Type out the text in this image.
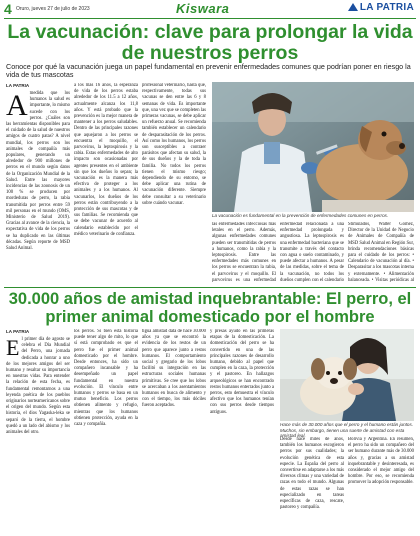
4 Oruro, jueves 27 de julio de 2023	Kiswara	LA PATRIA
La vacunación: clave para prolongar la vida de nuestros perros

Conoce por qué la vacunación juega un papel fundamental en prevenir enfermedades comunes que podrían poner en riesgo la vida de tus mascotas

LA PATRIA
A medida que los humanos la salud es importante, lo mismo sucede con los perros. ¿Cuáles son las herramientas disponibles para el cuidado de la salud de nuestros amigos de cuatro patas? A nivel mundial, los perros son los animales de compañía más populares, generando un alrededor de 900 millones de perros en el mundo según datos de la Organización Mundial de la Salud. Entre las mayores incidencias de las zoonosis de un 100 % se producen por mordeduras de perro, la rabia transmitida por perros entre 59 mil personas en el mundo (OMS, Ministerio de Salud 2019). Gracias al avance de la ciencia, la expectativa de vida de los perros se ha duplicado en las últimas décadas. Según reporte de MSD Salud Animal.
a los más 16 años, la esperanza de vida de los perros estaba alrededor de los 11.5 a 12 años, actualmente alcanza los 11,8 años. Y está probado que la prevención es la mejor manera de mantener a los perros saludables. Dentro de las principales razones que aquejaron a los perros se encuentra el moquillo, el parvovirus, la leptospirosis y la rabia. Estas enfermedades de alto impacto son ocasionadas por agentes presentes en el ambiente sin que los dueños lo sepan; la vacunación es la manera más efectiva de proteger a los animales y a los humanos. Al vacunarlos, los dueños de los perros están contribuyendo a la protección de sus mascotas y de sus familias. Se recomienda que se debe vacunar de acuerdo al calendario establecido por el médico veterinario de confianza.
profesional veterinario, hasta que, respectivamente, todas sus vacunas se den entre las 6 y 8 semanas de vida. Es importante que, una vez que se completen las primeras vacunas, se debe aplicar un refuerzo anual. Se recomienda también establecer un calendario de desparasitación de los perros. Así como los humanos, los perros son susceptibles a contraer parásitos que afectan su salud, la de sus dueños y la de toda la familia. No todos los perros tienen el mismo riesgo; dependiendo de su entorno, se debe aplicar una rutina de vacunación diferente. Siempre debe consultar a su veterinario sobre cuándo vacunar.

La vacunación es fundamental en la prevención de enfermedades comunes en perros.

las enfermedades infecciosas más letales en el perro. Además, algunas enfermedades comunes pueden ser transmitidas de perros a humanos, como la rabia y la leptospirosis. Entre las enfermedades más comunes en los perros se encuentran la rabia, el parvovirus y el moquillo. El parvovirus es una enfermedad
enfermedad relacionada a una enfermedad prolongada y angustiosa. La leptospirosis es una enfermedad bacteriana que se transmite a través del contacto con agua o suelo contaminado, y puede afectar a humanos. A pesar de las medidas, sobre el tema de la vacunación, no todos los dueños cumplen con el calendario
Stimulados, Walter Gomez, Director de la Unidad de Negocio de Animales de Compañía de MSD Salud Animal en Región Sur, brinda recomendaciones básicas para el cuidado de los perros: • Calendario de vacunación al día. • Desparasitar a los mascotas interna y externamente. • Alimentación balanceada. • Visitas periódicas al
30.000 años de amistad inquebrantable: El perro, el primer animal domesticado por el hombre
LA PATRIA
E l primer día de agosto se celebra el Día Mundial del Perro, una jornada dedicada a honrar a uno de los mejores amigos del ser humano y resaltar su importancia en nuestras vidas. Para entender la relación de esta fecha, es fundamental remontarnos a una leyenda poética de los pueblos originarios norteamericanos sobre el origen del mundo. Según esta historia, el dios Yagaska-leka se separó de la tierra, el hombre quedó a un lado del abismo y los animales del otro.
los perros. Si bien esta historia puede tener algo de mito, lo que sí está comprobado es que el perro fue el primer animal domesticado por el hombre. Desde entonces, ha sido un compañero incansable y ha desempeñado un papel fundamental en nuestra evolución. El vínculo entre humanos y perros se basa en un mutuo beneficio. Los perros obtienen alimento y refugio, mientras que los humanos obtienen protección, ayuda en la caza y compañía.
tigua amistad data de hace 30.000 años ya que se encontró la evidencia de los restos de un perro que aparece junto a restos humanos. El comportamiento social y gregario de los lobos facilitó su integración en las estructuras sociales humanas primitivas. Se cree que los lobos se acercaban a los asentamientos humanos en busca de alimento y con el tiempo, los más dóciles fueron aceptados.
y presas ayudó en las primeras etapas de la domesticación. La domesticación del perro se ha convertido en una de las principales razones de desarrollo humano, debido al papel que cumplen en la caza, la protección y el pastoreo. En hallazgos arqueológicos se han encontrado restos humanos enterrados junto a perros, esto demuestra el vínculo afectivo que los humanos tenían con sus perros desde tiempos antiguos.

Hace más de 30.000 años que el perro y el humano están juntos. Muchos, sin embargo, tienen una suerte de amistad con esta amistad leal.

Desde hace miles de años, también los humanos escogieron perros por sus cualidades; la evolución genética de esta especie. La España del perro al convertirse en adaptarse a los más diversos climas y una variedad de razas en todo el mundo. Algunas de estas razas se han especializado en tareas específicas de caza, rescate, pastoreo y compañía.
Bolivia y Argentina. En resumen, el perro ha sido un compañero del ser humano durante más de 30.000 años y, gracias a su amistad inquebrantable y desinteresada, es considerado el mejor amigo del hombre. Por eso, se recomienda promover la adopción responsable.
